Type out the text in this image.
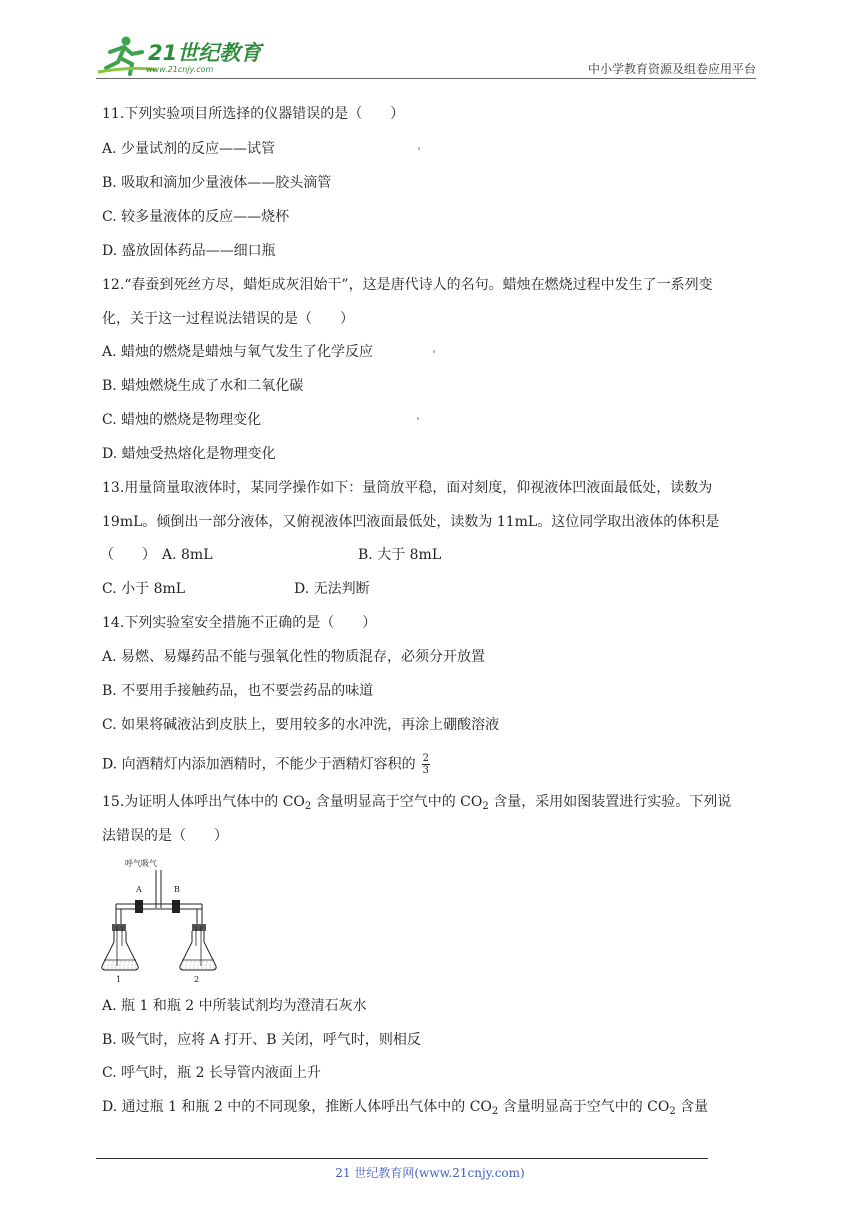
21世纪教育
www.21cnjy.com	中小学教育资源及组卷应用平台
11.下列实验项目所选择的仪器错误的是（　　）
A. 少量试剂的反应——试管
B. 吸取和滴加少量液体——胶头滴管
C. 较多量液体的反应——烧杯
D. 盛放固体药品——细口瓶
12.“春蚕到死丝方尽，蜡炬成灰泪始干”，这是唐代诗人的名句。蜡烛在燃烧过程中发生了一系列变
化，关于这一过程说法错误的是（　　）
A. 蜡烛的燃烧是蜡烛与氧气发生了化学反应
B. 蜡烛燃烧生成了水和二氧化碳
C. 蜡烛的燃烧是物理变化
D. 蜡烛受热熔化是物理变化
13.用量筒量取液体时，某同学操作如下：量筒放平稳，面对刻度，仰视液体凹液面最低处，读数为
19mL。倾倒出一部分液体，又俯视液体凹液面最低处，读数为 11mL。这位同学取出液体的体积是
（　　） A. 8mL	B. 大于 8mL
C. 小于 8mL	D. 无法判断
14.下列实验室安全措施不正确的是（　　）
A. 易燃、易爆药品不能与强氧化性的物质混存，必须分开放置
B. 不要用手接触药品，也不要尝药品的味道
C. 如果将碱液沾到皮肤上，要用较多的水冲洗，再涂上硼酸溶液
D. 向酒精灯内添加酒精时，不能少于酒精灯容积的 $\frac{2}{3}$
15.为证明人体呼出气体中的 $CO_2$ 含量明显高于空气中的 $CO_2$ 含量，采用如图装置进行实验。下列说
法错误的是（　　）
呼气吸气
A	B
1	2
A. 瓶 1 和瓶 2 中所装试剂均为澄清石灰水
B. 吸气时，应将 A 打开、B 关闭，呼气时，则相反
C. 呼气时，瓶 2 长导管内液面上升
D. 通过瓶 1 和瓶 2 中的不同现象，推断人体呼出气体中的 $CO_2$ 含量明显高于空气中的 $CO_2$ 含量
21 世纪教育网(www.21cnjy.com)
